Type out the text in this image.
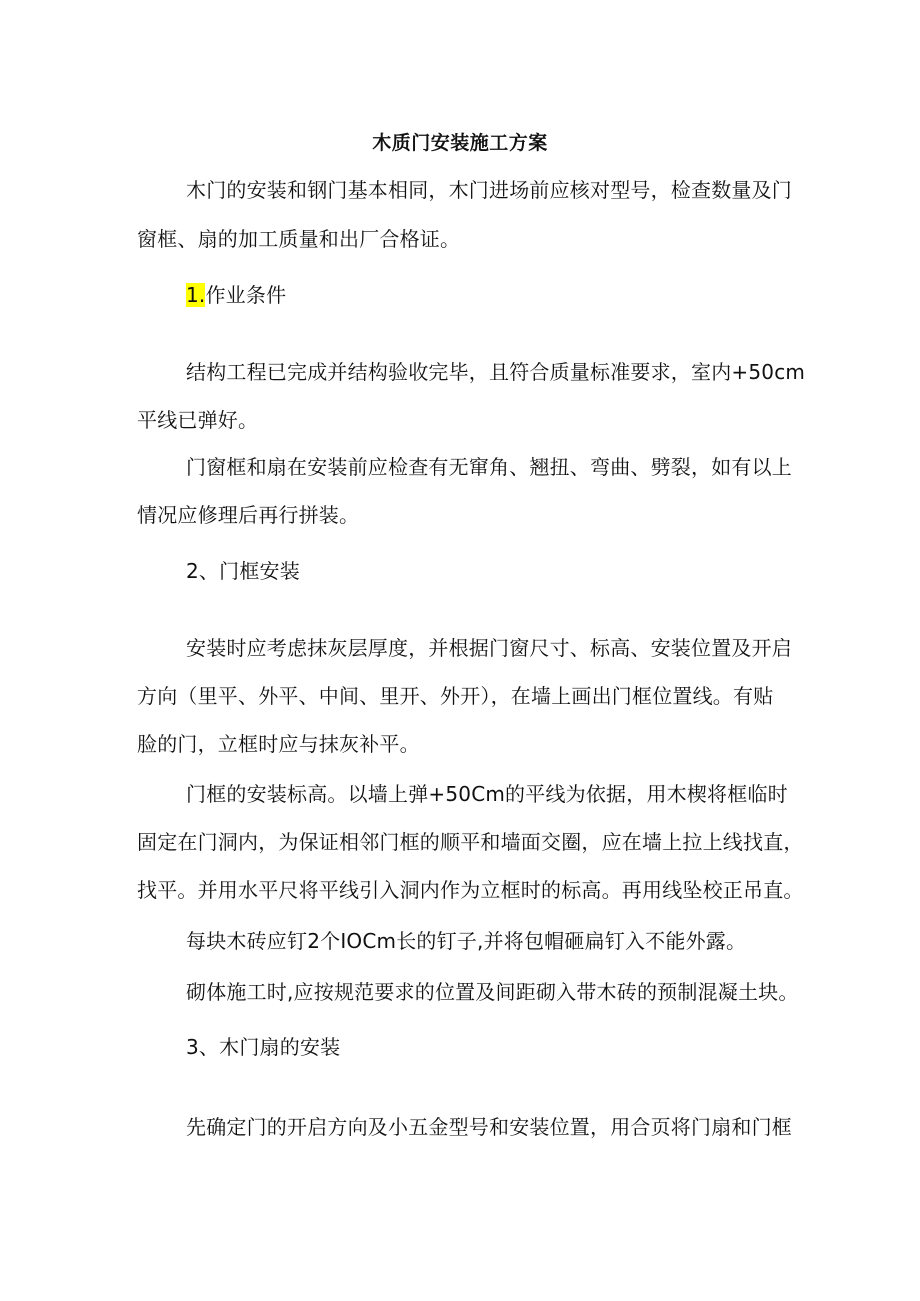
木质门安装施工方案
木门的安装和钢门基本相同，木门进场前应核对型号，检查数量及门
窗框、扇的加工质量和出厂合格证。
1.作业条件
结构工程已完成并结构验收完毕，且符合质量标准要求，室内+50cm
平线已弹好。
门窗框和扇在安装前应检查有无窜角、翘扭、弯曲、劈裂，如有以上
情况应修理后再行拼装。
2、门框安装
安装时应考虑抹灰层厚度，并根据门窗尺寸、标高、安装位置及开启
方向（里平、外平、中间、里开、外开），在墙上画出门框位置线。有贴
脸的门，立框时应与抹灰补平。
门框的安装标高。以墙上弹+50Cm的平线为依据，用木楔将框临时
固定在门洞内，为保证相邻门框的顺平和墙面交圈，应在墙上拉上线找直，
找平。并用水平尺将平线引入洞内作为立框时的标高。再用线坠校正吊直。
每块木砖应钉2个IOCm长的钉子,并将包帽砸扁钉入不能外露。
砌体施工时,应按规范要求的位置及间距砌入带木砖的预制混凝土块。
3、木门扇的安装
先确定门的开启方向及小五金型号和安装位置，用合页将门扇和门框
